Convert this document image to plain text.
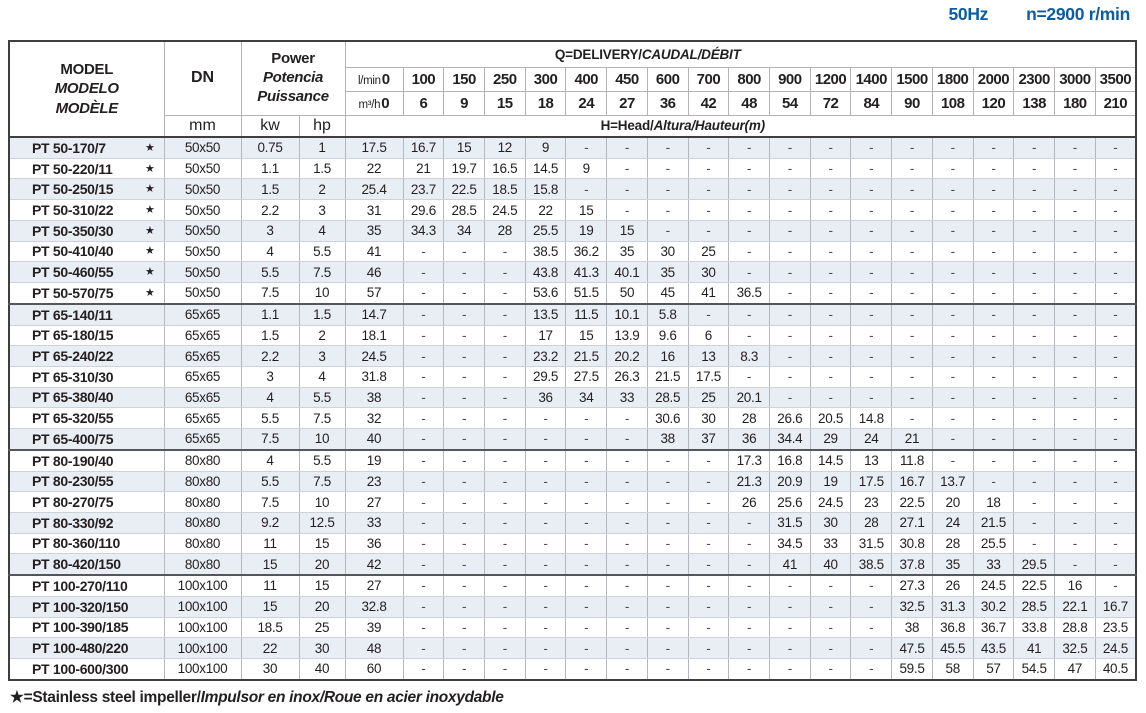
50Hz n=2900 r/min
MODEL
MODELO
MODÈLE
	DN	
Power
Potencia
Puissance
	Q=DELIVERY/CAUDAL/DÉBIT
				l/min0	100	150	250	300	400	450	600	700	800	900	1200	1400	1500	1800	2000	2300	3000	3500
				m³/h0	6	9	15	18	24	27	36	42	48	54	72	84	90	108	120	138	180	210
	mm	kw	hp	H=Head/Altura/Hauteur(m)																		
PT 50-170/7 ★	50x50	0.75	1	17.5	16.7	15	12	9	-	-	-	-	-	-	-	-	-	-	-	-	-	-
PT 50-220/11 ★	50x50	1.1	1.5	22	21	19.7	16.5	14.5	9	-	-	-	-	-	-	-	-	-	-	-	-	-
PT 50-250/15 ★	50x50	1.5	2	25.4	23.7	22.5	18.5	15.8	-	-	-	-	-	-	-	-	-	-	-	-	-	-
PT 50-310/22 ★	50x50	2.2	3	31	29.6	28.5	24.5	22	15	-	-	-	-	-	-	-	-	-	-	-	-	-
PT 50-350/30 ★	50x50	3	4	35	34.3	34	28	25.5	19	15	-	-	-	-	-	-	-	-	-	-	-	-
PT 50-410/40 ★	50x50	4	5.5	41	-	-	-	38.5	36.2	35	30	25	-	-	-	-	-	-	-	-	-	-
PT 50-460/55 ★	50x50	5.5	7.5	46	-	-	-	43.8	41.3	40.1	35	30	-	-	-	-	-	-	-	-	-	-
PT 50-570/75 ★	50x50	7.5	10	57	-	-	-	53.6	51.5	50	45	41	36.5	-	-	-	-	-	-	-	-	-
PT 65-140/11	65x65	1.1	1.5	14.7	-	-	-	13.5	11.5	10.1	5.8	-	-	-	-	-	-	-	-	-	-	-
PT 65-180/15	65x65	1.5	2	18.1	-	-	-	17	15	13.9	9.6	6	-	-	-	-	-	-	-	-	-	-
PT 65-240/22	65x65	2.2	3	24.5	-	-	-	23.2	21.5	20.2	16	13	8.3	-	-	-	-	-	-	-	-	-
PT 65-310/30	65x65	3	4	31.8	-	-	-	29.5	27.5	26.3	21.5	17.5	-	-	-	-	-	-	-	-	-	-
PT 65-380/40	65x65	4	5.5	38	-	-	-	36	34	33	28.5	25	20.1	-	-	-	-	-	-	-	-	-
PT 65-320/55	65x65	5.5	7.5	32	-	-	-	-	-	-	30.6	30	28	26.6	20.5	14.8	-	-	-	-	-	-
PT 65-400/75	65x65	7.5	10	40	-	-	-	-	-	-	38	37	36	34.4	29	24	21	-	-	-	-	-
PT 80-190/40	80x80	4	5.5	19	-	-	-	-	-	-	-	-	17.3	16.8	14.5	13	11.8	-	-	-	-	-
PT 80-230/55	80x80	5.5	7.5	23	-	-	-	-	-	-	-	-	21.3	20.9	19	17.5	16.7	13.7	-	-	-	-
PT 80-270/75	80x80	7.5	10	27	-	-	-	-	-	-	-	-	26	25.6	24.5	23	22.5	20	18	-	-	-
PT 80-330/92	80x80	9.2	12.5	33	-	-	-	-	-	-	-	-	-	31.5	30	28	27.1	24	21.5	-	-	-
PT 80-360/110	80x80	11	15	36	-	-	-	-	-	-	-	-	-	34.5	33	31.5	30.8	28	25.5	-	-	-
PT 80-420/150	80x80	15	20	42	-	-	-	-	-	-	-	-	-	41	40	38.5	37.8	35	33	29.5	-	-
PT 100-270/110	100x100	11	15	27	-	-	-	-	-	-	-	-	-	-	-	-	27.3	26	24.5	22.5	16	-
PT 100-320/150	100x100	15	20	32.8	-	-	-	-	-	-	-	-	-	-	-	-	32.5	31.3	30.2	28.5	22.1	16.7
PT 100-390/185	100x100	18.5	25	39	-	-	-	-	-	-	-	-	-	-	-	-	38	36.8	36.7	33.8	28.8	23.5
PT 100-480/220	100x100	22	30	48	-	-	-	-	-	-	-	-	-	-	-	-	47.5	45.5	43.5	41	32.5	24.5
PT 100-600/300	100x100	30	40	60	-	-	-	-	-	-	-	-	-	-	-	-	59.5	58	57	54.5	47	40.5
★=Stainless steel impeller/Impulsor en inox/Roue en acier inoxydable
